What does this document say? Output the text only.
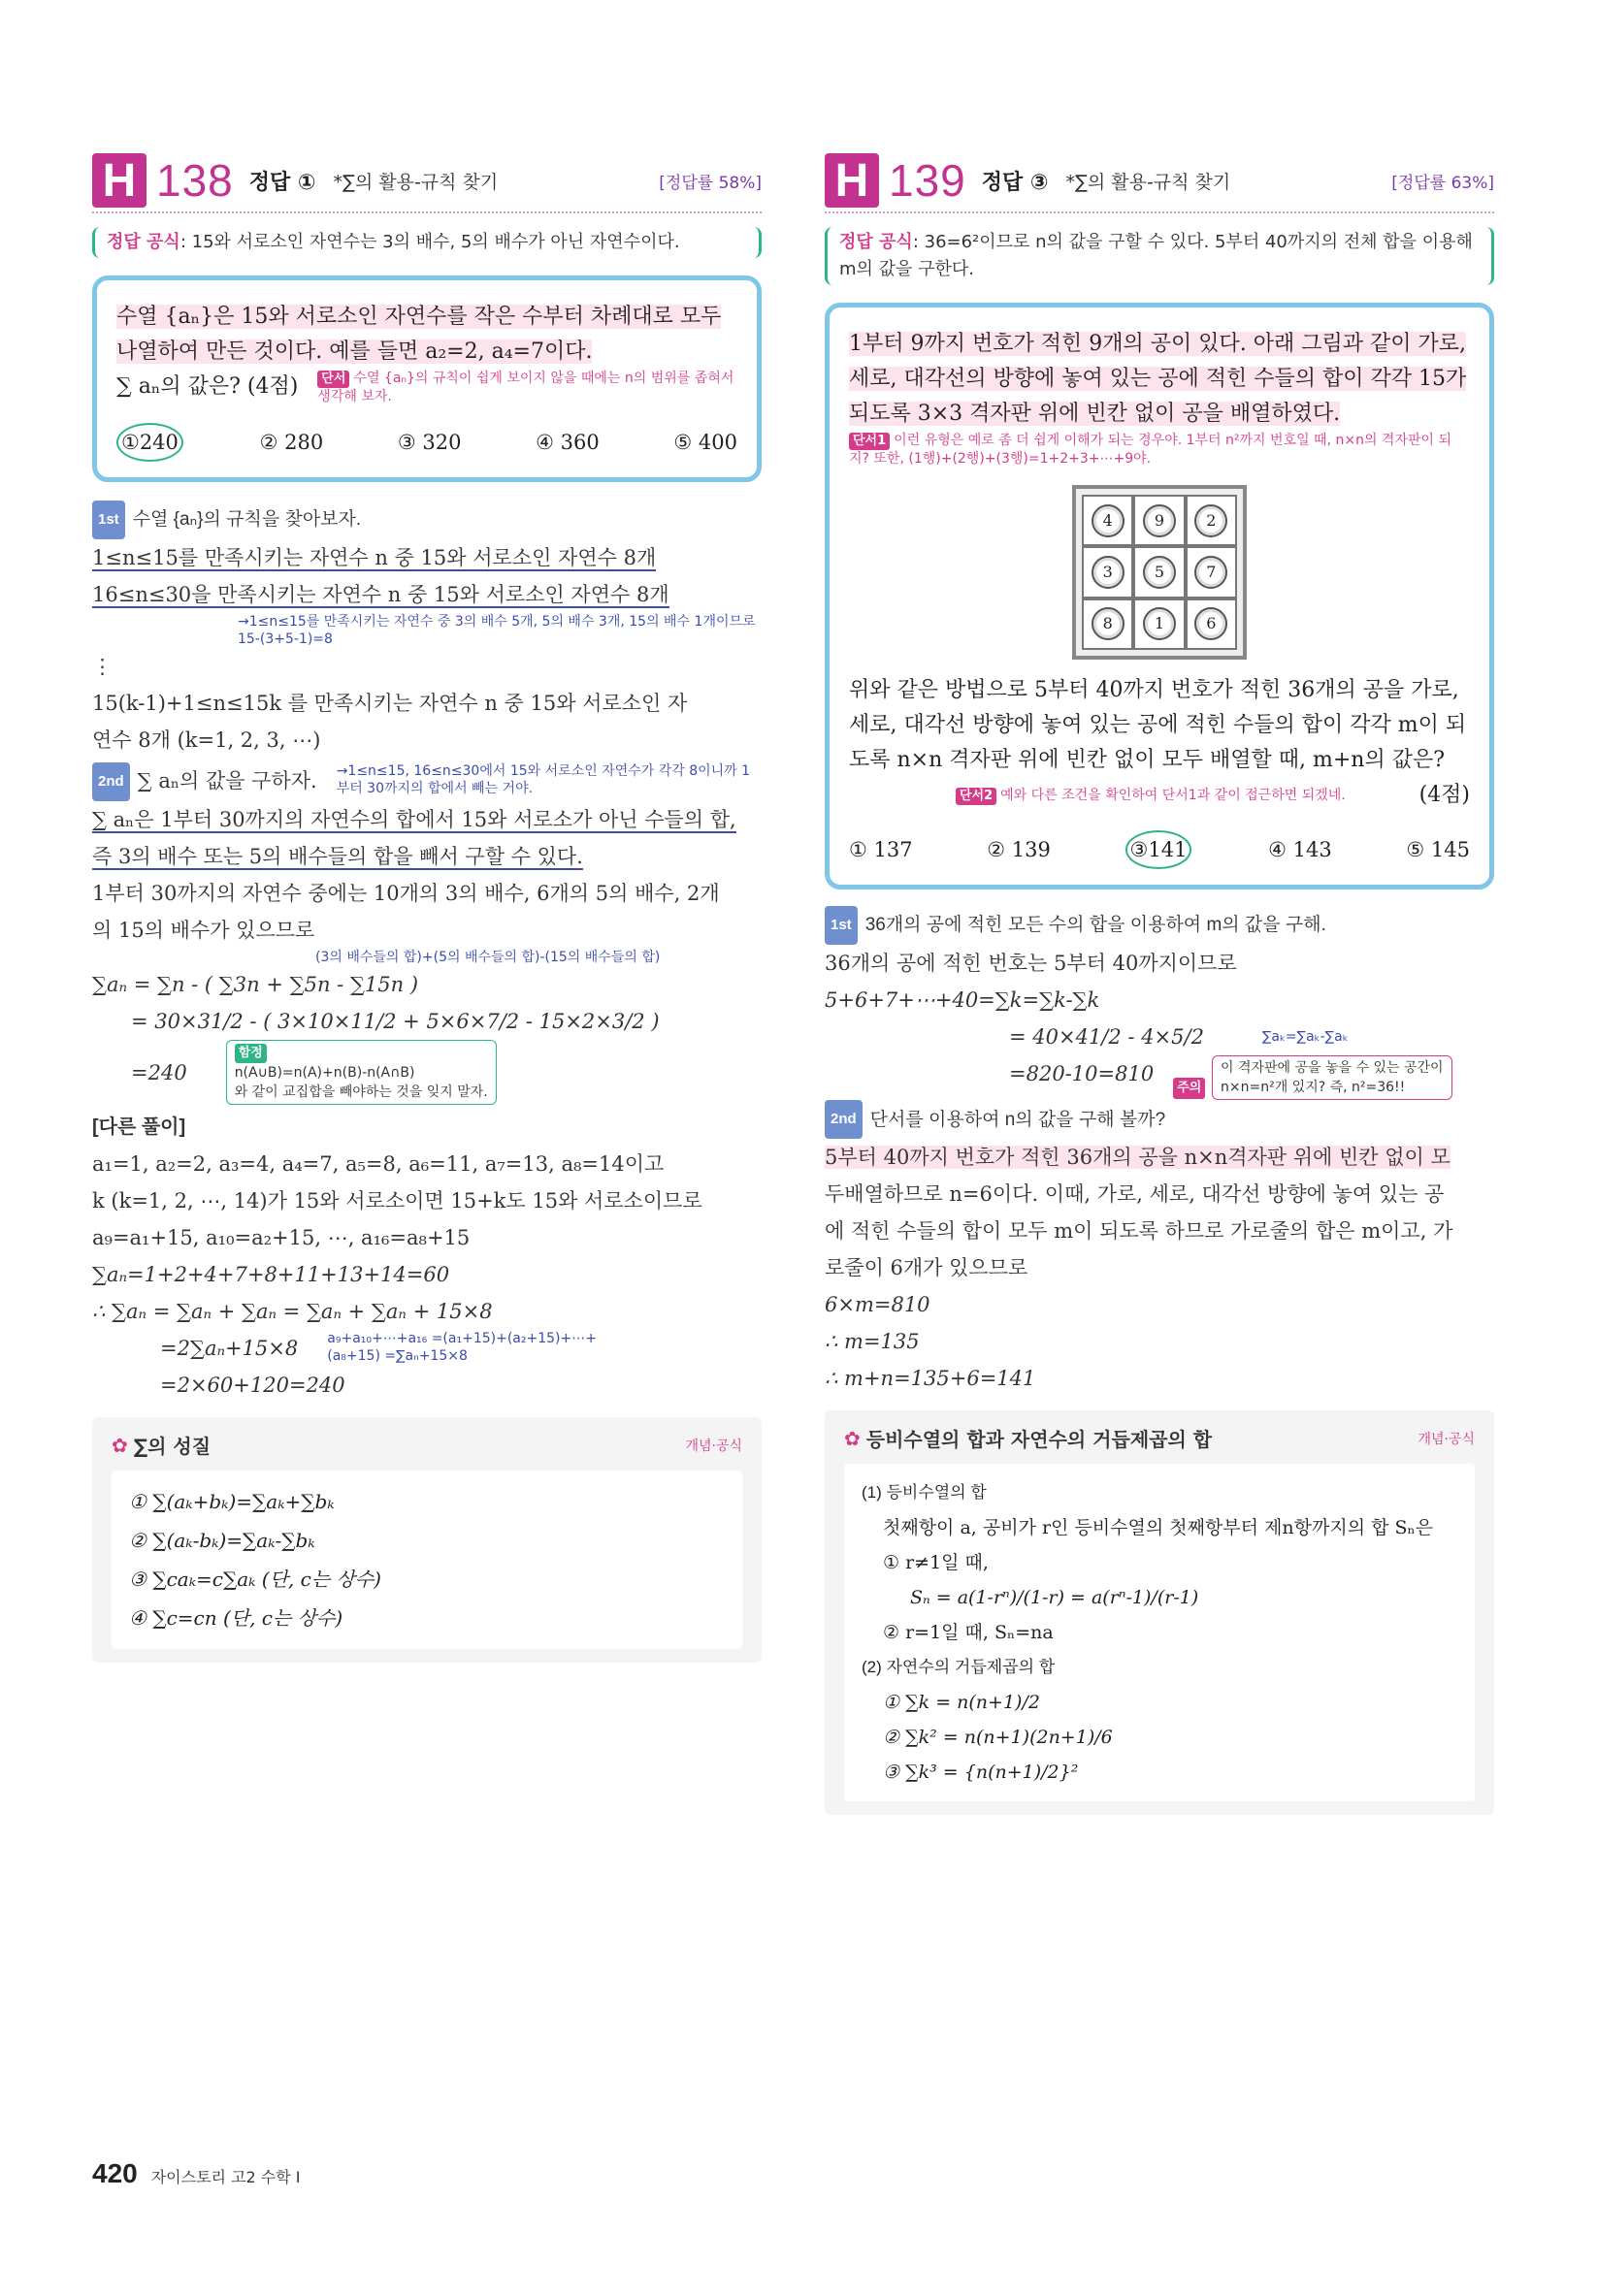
H 138 정답 ① *∑의 활용-규칙 찾기	[정답률 58%]
정답 공식: 15와 서로소인 자연수는 3의 배수, 5의 배수가 아닌 자연수이다.
수열 {aₙ}은 15와 서로소인 자연수를 작은 수부터 차례대로 모두
나열하여 만든 것이다. 예를 들면 a₂=2, a₄=7이다.
∑ aₙ의 값은? (4점)	단서 수열 {aₙ}의 규칙이 쉽게 보이지 않을 때에는 n의 범위를 좁혀서 생각해 보자.
①240	② 280	③ 320	④ 360	⑤ 400
1st 수열 {aₙ}의 규칙을 찾아보자.
1≤n≤15를 만족시키는 자연수 n 중 15와 서로소인 자연수 8개
16≤n≤30을 만족시키는 자연수 n 중 15와 서로소인 자연수 8개
→1≤n≤15를 만족시키는 자연수 중 3의 배수 5개, 5의 배수 3개, 15의 배수 1개이므로 15-(3+5-1)=8
⋮
15(k-1)+1≤n≤15k 를 만족시키는 자연수 n 중 15와 서로소인 자
연수 8개 (k=1, 2, 3, ⋯)
2nd ∑ aₙ의 값을 구하자. →1≤n≤15, 16≤n≤30에서 15와 서로소인 자연수가 각각 8이니까 1부터 30까지의 합에서 빼는 거야.
∑ aₙ은 1부터 30까지의 자연수의 합에서 15와 서로소가 아닌 수들의 합,
즉 3의 배수 또는 5의 배수들의 합을 빼서 구할 수 있다.
1부터 30까지의 자연수 중에는 10개의 3의 배수, 6개의 5의 배수, 2개
의 15의 배수가 있으므로
(3의 배수들의 합)+(5의 배수들의 합)-(15의 배수들의 합)
∑aₙ = ∑n - ( ∑3n + ∑5n - ∑15n )
= 30×31/2 - ( 3×10×11/2 + 5×6×7/2 - 15×2×3/2 )
=240
함정
n(A∪B)=n(A)+n(B)-n(A∩B)
와 같이 교집합을 빼야하는 것을 잊지 말자.
[다른 풀이]
a₁=1, a₂=2, a₃=4, a₄=7, a₅=8, a₆=11, a₇=13, a₈=14이고
k (k=1, 2, ⋯, 14)가 15와 서로소이면 15+k도 15와 서로소이므로
a₉=a₁+15, a₁₀=a₂+15, ⋯, a₁₆=a₈+15
∑aₙ=1+2+4+7+8+11+13+14=60
∴ ∑aₙ = ∑aₙ + ∑aₙ = ∑aₙ + ∑aₙ + 15×8
=2∑aₙ+15×8 a₉+a₁₀+⋯+a₁₆ =(a₁+15)+(a₂+15)+⋯+(a₈+15) =∑aₙ+15×8
=2×60+120=240
✿ ∑의 성질	개념·공식
① ∑(aₖ+bₖ)=∑aₖ+∑bₖ
② ∑(aₖ-bₖ)=∑aₖ-∑bₖ
③ ∑caₖ=c∑aₖ (단, c는 상수)
④ ∑c=cn (단, c는 상수)
H 139 정답 ③ *∑의 활용-규칙 찾기	[정답률 63%]
정답 공식: 36=6²이므로 n의 값을 구할 수 있다. 5부터 40까지의 전체 합을 이용해 m의 값을 구한다.
1부터 9까지 번호가 적힌 9개의 공이 있다. 아래 그림과 같이 가로,
세로, 대각선의 방향에 놓여 있는 공에 적힌 수들의 합이 각각 15가
되도록 3×3 격자판 위에 빈칸 없이 공을 배열하였다.
단서1 이런 유형은 예로 좀 더 쉽게 이해가 되는 경우야. 1부터 n²까지 번호일 때, n×n의 격자판이 되지? 또한, (1행)+(2행)+(3행)=1+2+3+⋯+9야.
4	9	2
3	5	7
8	1	6
위와 같은 방법으로 5부터 40까지 번호가 적힌 36개의 공을 가로,
세로, 대각선 방향에 놓여 있는 공에 적힌 수들의 합이 각각 m이 되
도록 n×n 격자판 위에 빈칸 없이 모두 배열할 때, m+n의 값은?
단서2 예와 다른 조건을 확인하여 단서1과 같이 접근하면 되겠네.	(4점)
① 137	② 139	③141	④ 143	⑤ 145
1st 36개의 공에 적힌 모든 수의 합을 이용하여 m의 값을 구해.
36개의 공에 적힌 번호는 5부터 40까지이므로
5+6+7+⋯+40=∑k=∑k-∑k
= 40×41/2 - 4×5/2	∑aₖ=∑aₖ-∑aₖ
=820-10=810
주의
이 격자판에 공을 놓을 수 있는 공간이
n×n=n²개 있지? 즉, n²=36!!
2nd 단서를 이용하여 n의 값을 구해 볼까?
5부터 40까지 번호가 적힌 36개의 공을 n×n격자판 위에 빈칸 없이 모
두배열하므로 n=6이다. 이때, 가로, 세로, 대각선 방향에 놓여 있는 공
에 적힌 수들의 합이 모두 m이 되도록 하므로 가로줄의 합은 m이고, 가
로줄이 6개가 있으므로
6×m=810
∴ m=135
∴ m+n=135+6=141
✿ 등비수열의 합과 자연수의 거듭제곱의 합	개념·공식
(1) 등비수열의 합
첫째항이 a, 공비가 r인 등비수열의 첫째항부터 제n항까지의 합 Sₙ은
① r≠1일 때,
Sₙ = a(1-rⁿ)/(1-r) = a(rⁿ-1)/(r-1)
② r=1일 때, Sₙ=na
(2) 자연수의 거듭제곱의 합
① ∑k = n(n+1)/2
② ∑k² = n(n+1)(2n+1)/6
③ ∑k³ = {n(n+1)/2}²
420 자이스토리 고2 수학 I
